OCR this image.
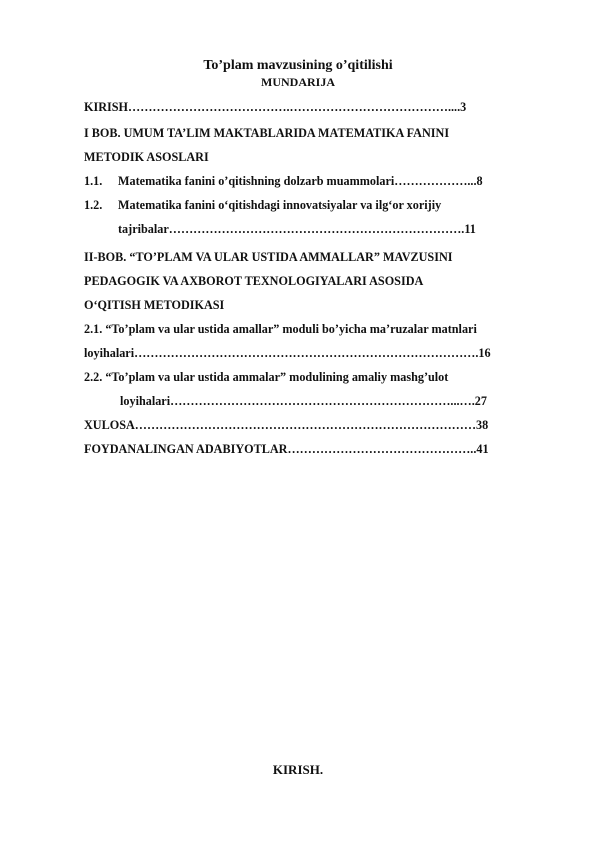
To’plam mavzusining o’qitilishi
MUNDARIJA
KIRISH………………………………….…………………………………....3
I BOB. UMUM TA’LIM MAKTABLARIDA MATEMATIKA FANINI
METODIK ASOSLARI
1.1. Matematika fanini o’qitishning dolzarb muammolari………………...8
1.2. Matematika fanini o‘qitishdagi innovatsiyalar va ilg‘or xorijiy
tajribalar……………………………………………………………….11
II-BOB. “TO’PLAM VA ULAR USTIDA AMMALLAR” MAVZUSINI
PEDAGOGIK VA AXBOROT TEXNOLOGIYALARI ASOSIDA
O‘QITISH METODIKASI
2.1. “To’plam va ular ustida amallar” moduli bo’yicha ma’ruzalar matnlari
loyihalari………………………………………………………………………….16
2.2. “To’plam va ular ustida ammalar” modulining amaliy mashg’ulot
loyihalari……………………………………………………………...….27
XULOSA…………………………………………………………………………38
FOYDANALINGAN ADABIYOTLAR………………………………………..41
KIRISH.
